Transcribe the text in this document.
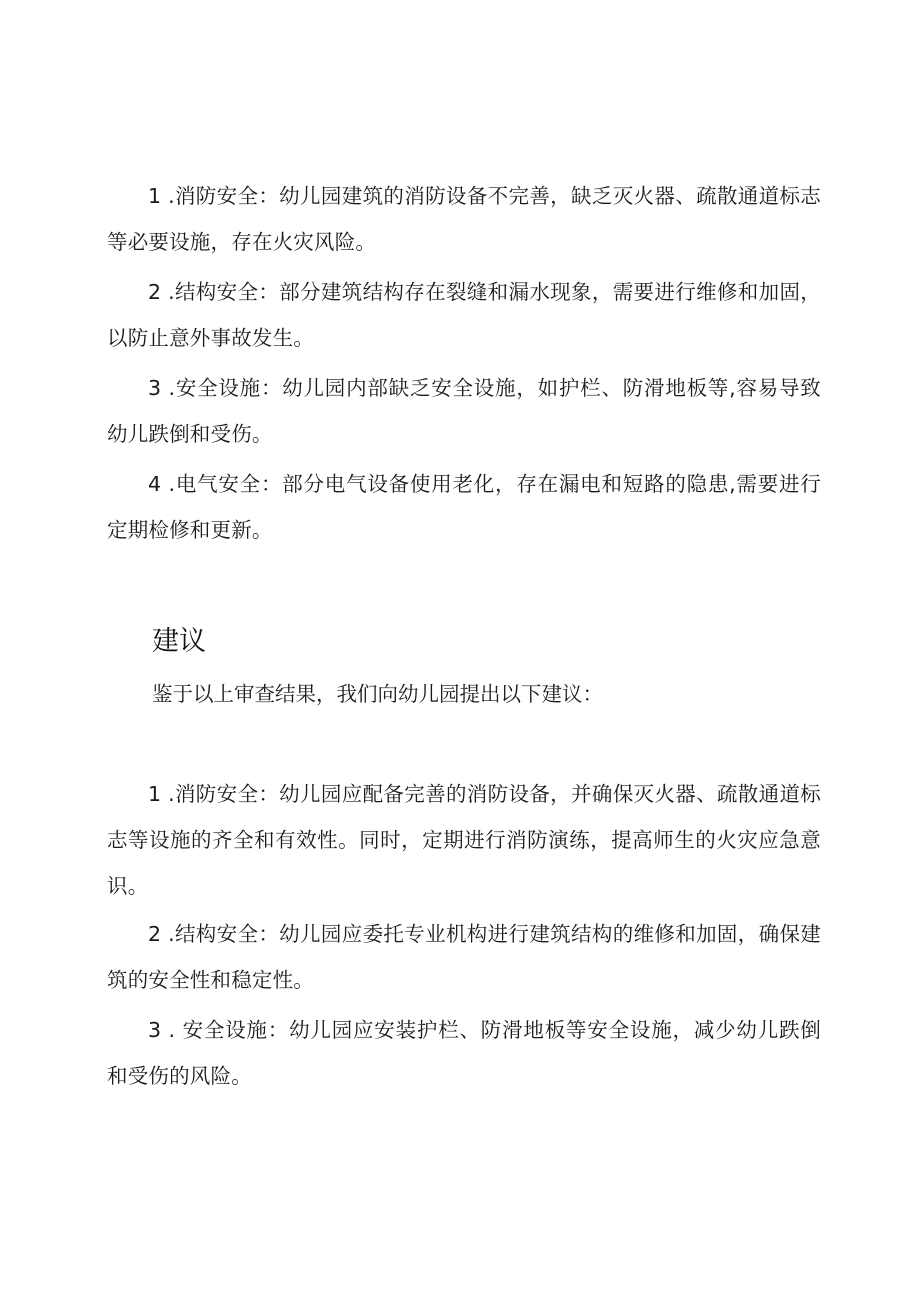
1 .消防安全：幼儿园建筑的消防设备不完善，缺乏灭火器、疏散通道标志等必要设施，存在火灾风险。

2 .结构安全：部分建筑结构存在裂缝和漏水现象，需要进行维修和加固，以防止意外事故发生。

3 .安全设施：幼儿园内部缺乏安全设施，如护栏、防滑地板等,容易导致幼儿跌倒和受伤。

4 .电气安全：部分电气设备使用老化，存在漏电和短路的隐患,需要进行定期检修和更新。

建议

鉴于以上审查结果，我们向幼儿园提出以下建议：

1 .消防安全：幼儿园应配备完善的消防设备，并确保灭火器、疏散通道标志等设施的齐全和有效性。同时，定期进行消防演练，提高师生的火灾应急意识。

2 .结构安全：幼儿园应委托专业机构进行建筑结构的维修和加固，确保建筑的安全性和稳定性。

3 . 安全设施：幼儿园应安装护栏、防滑地板等安全设施，减少幼儿跌倒和受伤的风险。
